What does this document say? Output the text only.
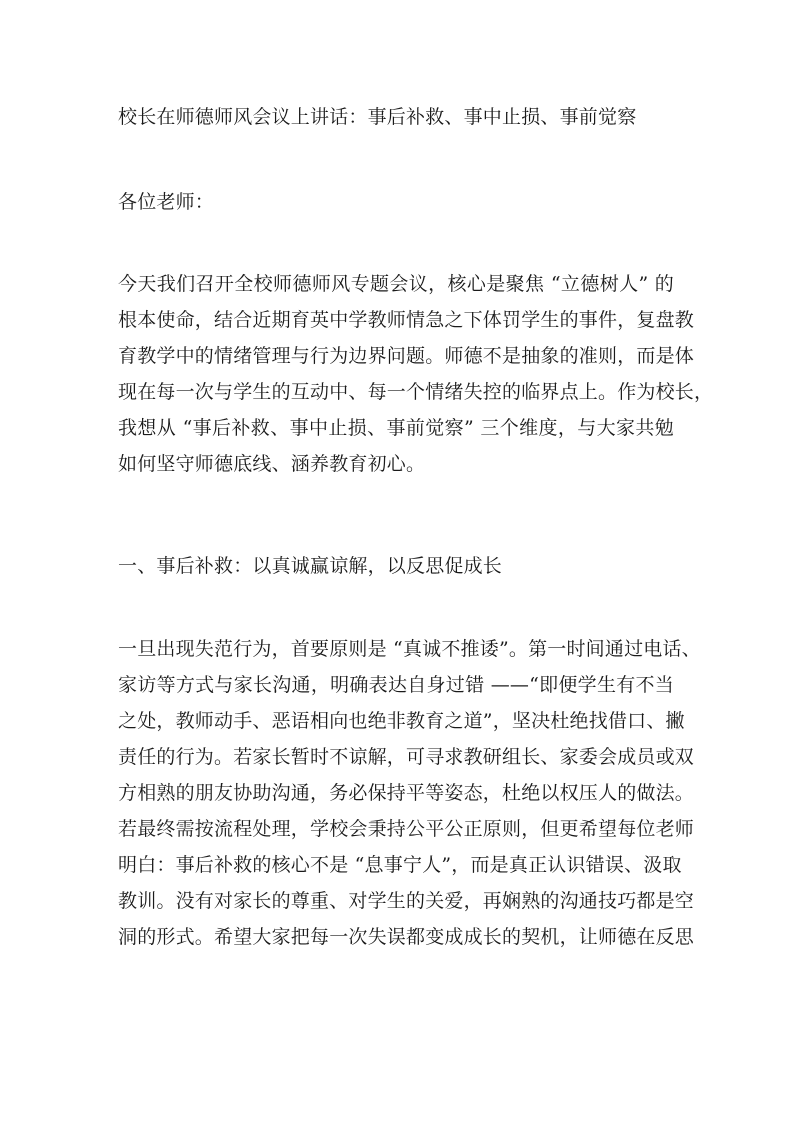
校长在师德师风会议上讲话：事后补救、事中止损、事前觉察
各位老师：
今天我们召开全校师德师风专题会议，核心是聚焦 “立德树人” 的
根本使命，结合近期育英中学教师情急之下体罚学生的事件，复盘教
育教学中的情绪管理与行为边界问题。师德不是抽象的准则，而是体
现在每一次与学生的互动中、每一个情绪失控的临界点上。作为校长，
我想从 “事后补救、事中止损、事前觉察” 三个维度，与大家共勉
如何坚守师德底线、涵养教育初心。
一、事后补救：以真诚赢谅解，以反思促成长
一旦出现失范行为，首要原则是 “真诚不推诿”。第一时间通过电话、
家访等方式与家长沟通，明确表达自身过错 ——“即便学生有不当
之处，教师动手、恶语相向也绝非教育之道”，坚决杜绝找借口、撇
责任的行为。若家长暂时不谅解，可寻求教研组长、家委会成员或双
方相熟的朋友协助沟通，务必保持平等姿态，杜绝以权压人的做法。
若最终需按流程处理，学校会秉持公平公正原则，但更希望每位老师
明白：事后补救的核心不是 “息事宁人”，而是真正认识错误、汲取
教训。没有对家长的尊重、对学生的关爱，再娴熟的沟通技巧都是空
洞的形式。希望大家把每一次失误都变成成长的契机，让师德在反思
